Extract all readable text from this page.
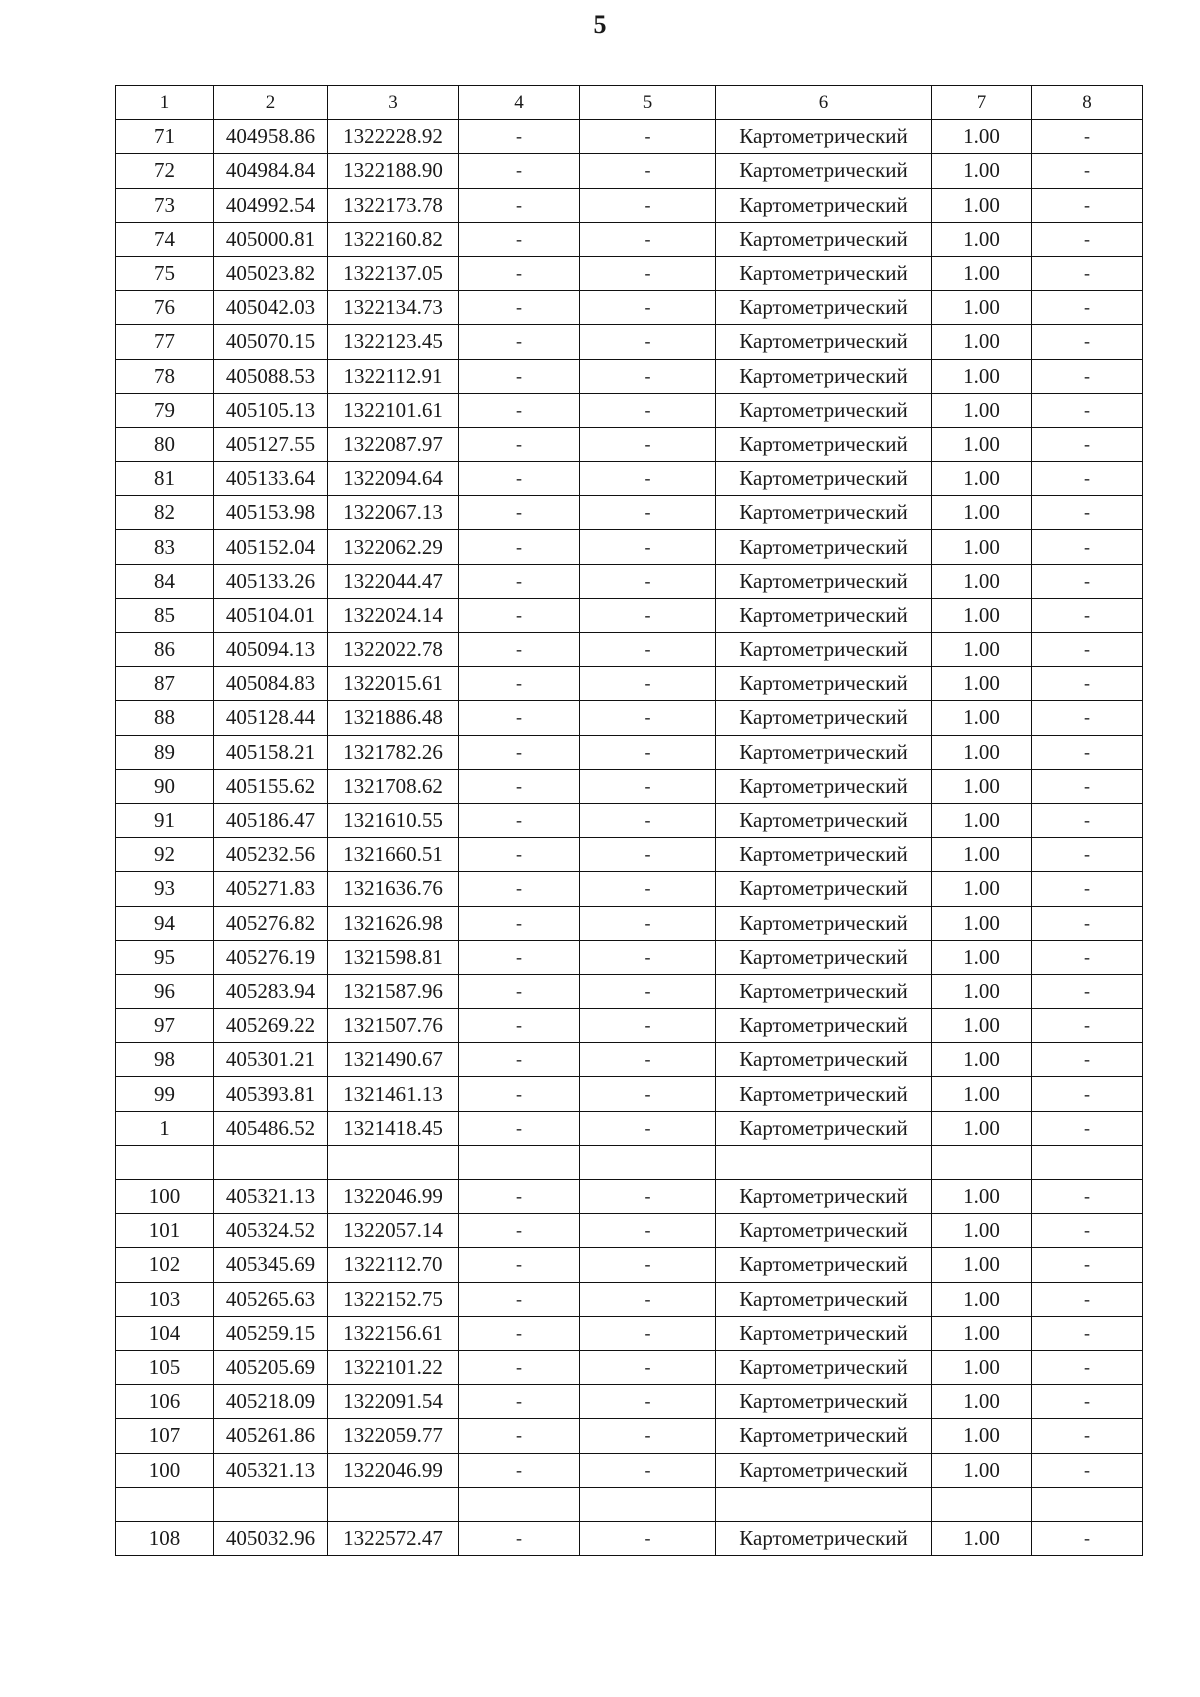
5
1	2	3	4	5	6	7	8
71	404958.86	1322228.92	-	-	Картометрический	1.00	-
72	404984.84	1322188.90	-	-	Картометрический	1.00	-
73	404992.54	1322173.78	-	-	Картометрический	1.00	-
74	405000.81	1322160.82	-	-	Картометрический	1.00	-
75	405023.82	1322137.05	-	-	Картометрический	1.00	-
76	405042.03	1322134.73	-	-	Картометрический	1.00	-
77	405070.15	1322123.45	-	-	Картометрический	1.00	-
78	405088.53	1322112.91	-	-	Картометрический	1.00	-
79	405105.13	1322101.61	-	-	Картометрический	1.00	-
80	405127.55	1322087.97	-	-	Картометрический	1.00	-
81	405133.64	1322094.64	-	-	Картометрический	1.00	-
82	405153.98	1322067.13	-	-	Картометрический	1.00	-
83	405152.04	1322062.29	-	-	Картометрический	1.00	-
84	405133.26	1322044.47	-	-	Картометрический	1.00	-
85	405104.01	1322024.14	-	-	Картометрический	1.00	-
86	405094.13	1322022.78	-	-	Картометрический	1.00	-
87	405084.83	1322015.61	-	-	Картометрический	1.00	-
88	405128.44	1321886.48	-	-	Картометрический	1.00	-
89	405158.21	1321782.26	-	-	Картометрический	1.00	-
90	405155.62	1321708.62	-	-	Картометрический	1.00	-
91	405186.47	1321610.55	-	-	Картометрический	1.00	-
92	405232.56	1321660.51	-	-	Картометрический	1.00	-
93	405271.83	1321636.76	-	-	Картометрический	1.00	-
94	405276.82	1321626.98	-	-	Картометрический	1.00	-
95	405276.19	1321598.81	-	-	Картометрический	1.00	-
96	405283.94	1321587.96	-	-	Картометрический	1.00	-
97	405269.22	1321507.76	-	-	Картометрический	1.00	-
98	405301.21	1321490.67	-	-	Картометрический	1.00	-
99	405393.81	1321461.13	-	-	Картометрический	1.00	-
1	405486.52	1321418.45	-	-	Картометрический	1.00	-

100	405321.13	1322046.99	-	-	Картометрический	1.00	-
101	405324.52	1322057.14	-	-	Картометрический	1.00	-
102	405345.69	1322112.70	-	-	Картометрический	1.00	-
103	405265.63	1322152.75	-	-	Картометрический	1.00	-
104	405259.15	1322156.61	-	-	Картометрический	1.00	-
105	405205.69	1322101.22	-	-	Картометрический	1.00	-
106	405218.09	1322091.54	-	-	Картометрический	1.00	-
107	405261.86	1322059.77	-	-	Картометрический	1.00	-
100	405321.13	1322046.99	-	-	Картометрический	1.00	-

108	405032.96	1322572.47	-	-	Картометрический	1.00	-
